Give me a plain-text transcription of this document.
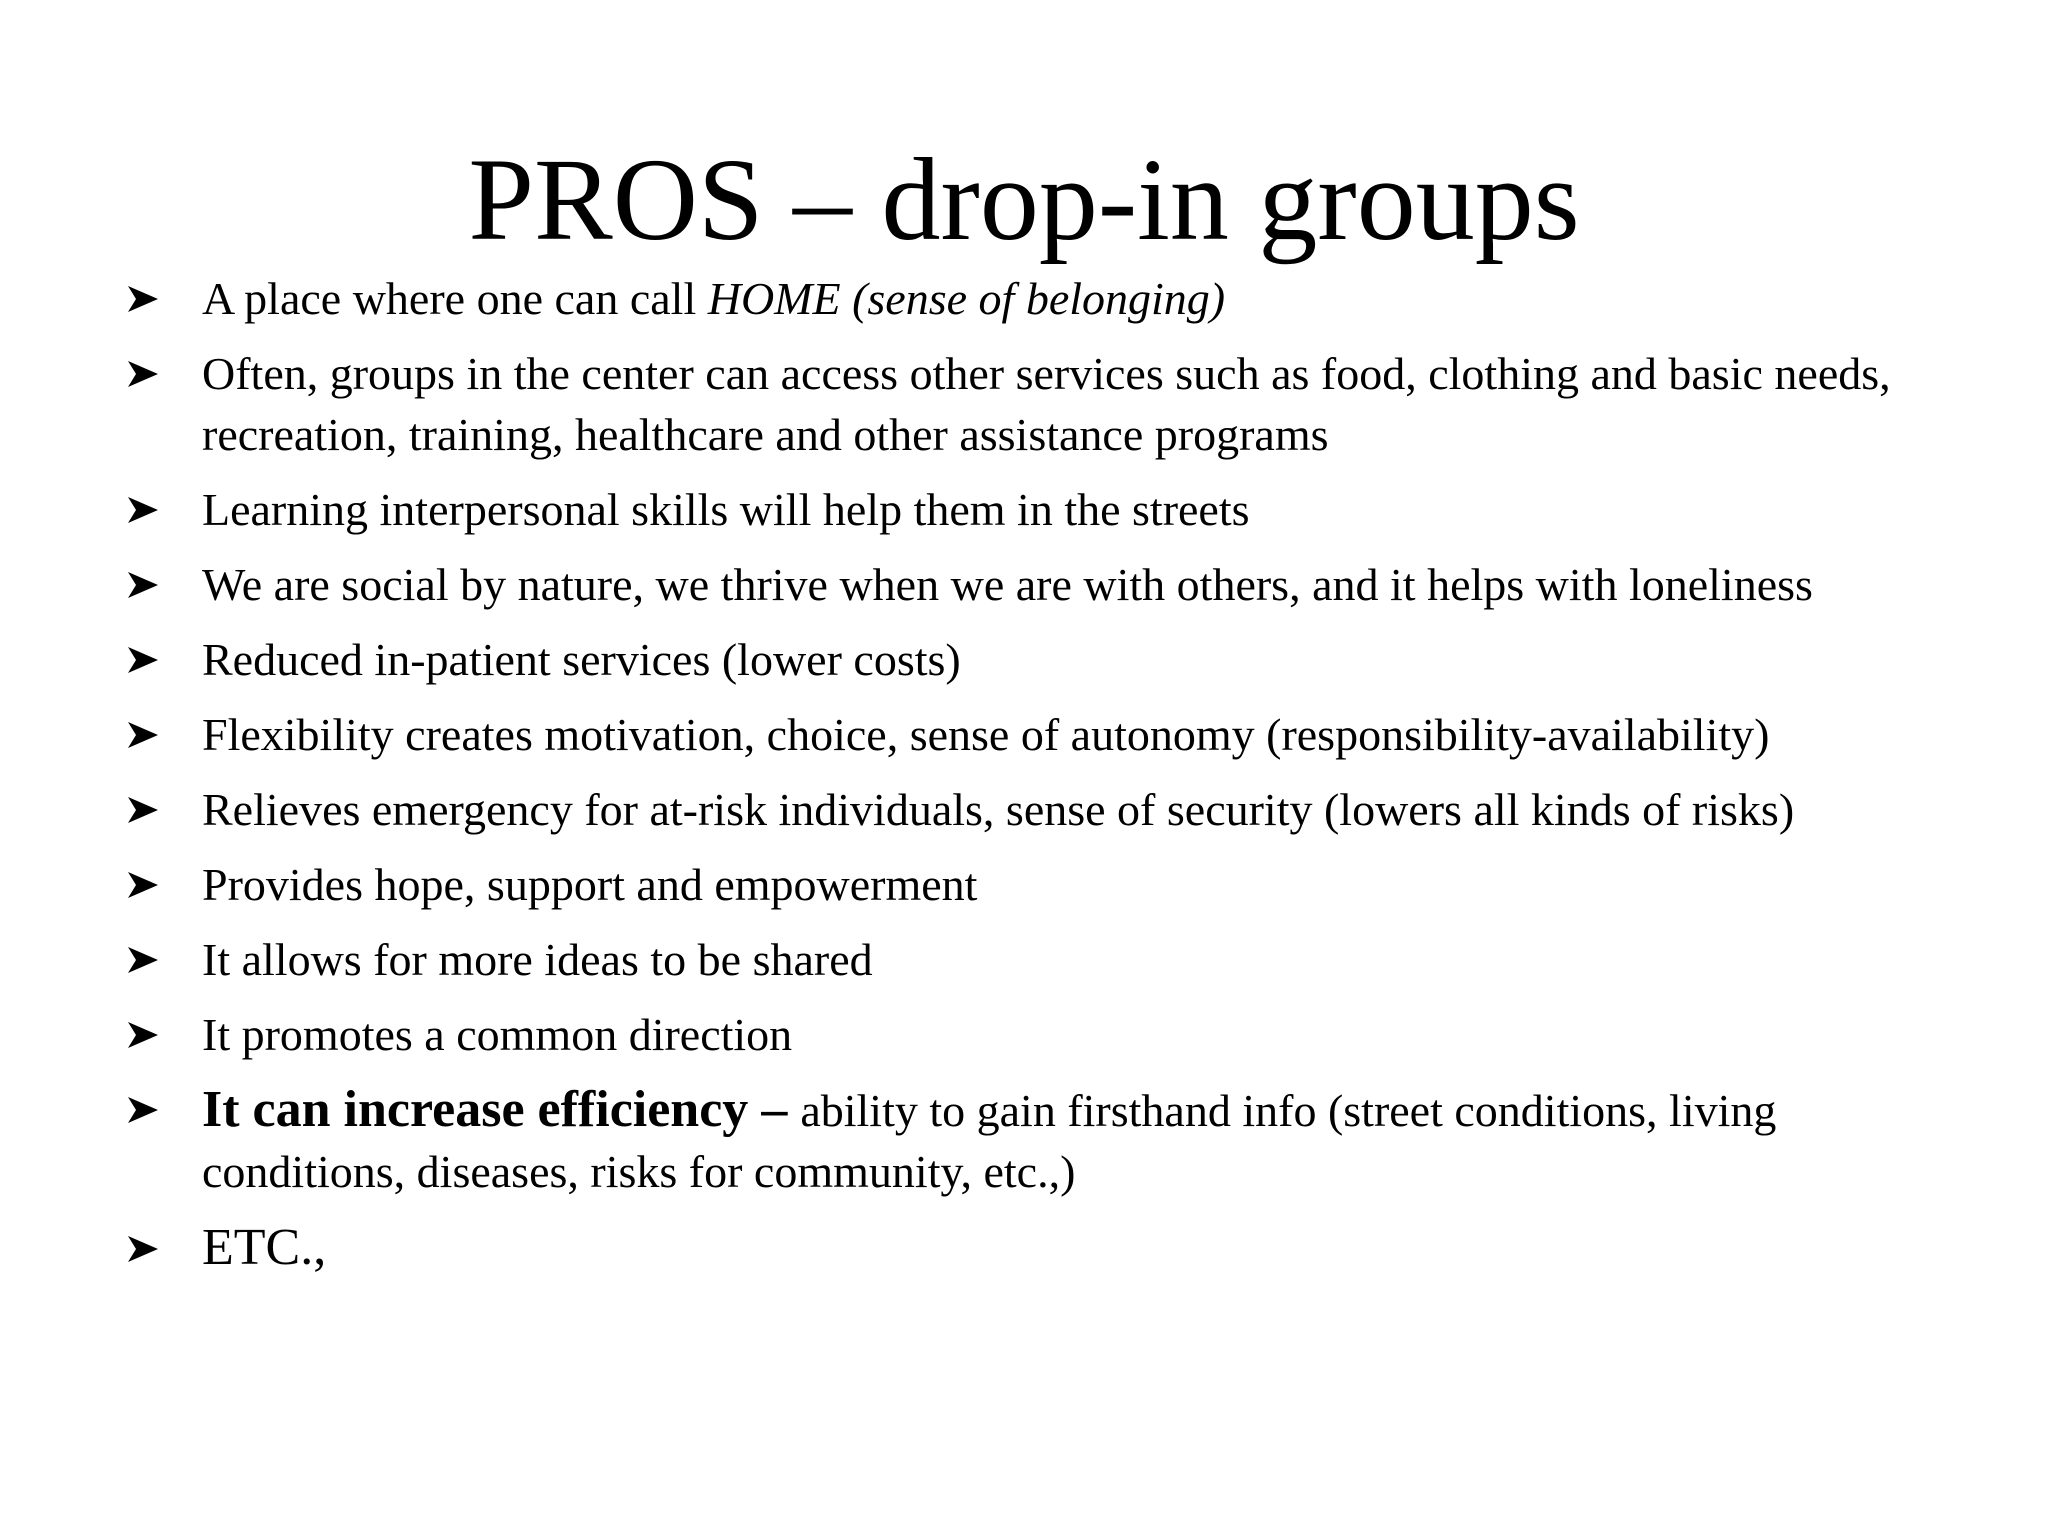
PROS – drop-in groups
A place where one can call HOME (sense of belonging)
Often, groups in the center can access other services such as food, clothing and basic needs, recreation, training, healthcare and other assistance programs
Learning interpersonal skills will help them in the streets
We are social by nature, we thrive when we are with others, and it helps with loneliness
Reduced in-patient services (lower costs)
Flexibility creates motivation, choice, sense of autonomy (responsibility-availability)
Relieves emergency for at-risk individuals, sense of security (lowers all kinds of risks)
Provides hope, support and empowerment
It allows for more ideas to be shared
It promotes a common direction
It can increase efficiency – ability to gain firsthand info (street conditions, living conditions, diseases, risks for community, etc.,)
ETC.,
